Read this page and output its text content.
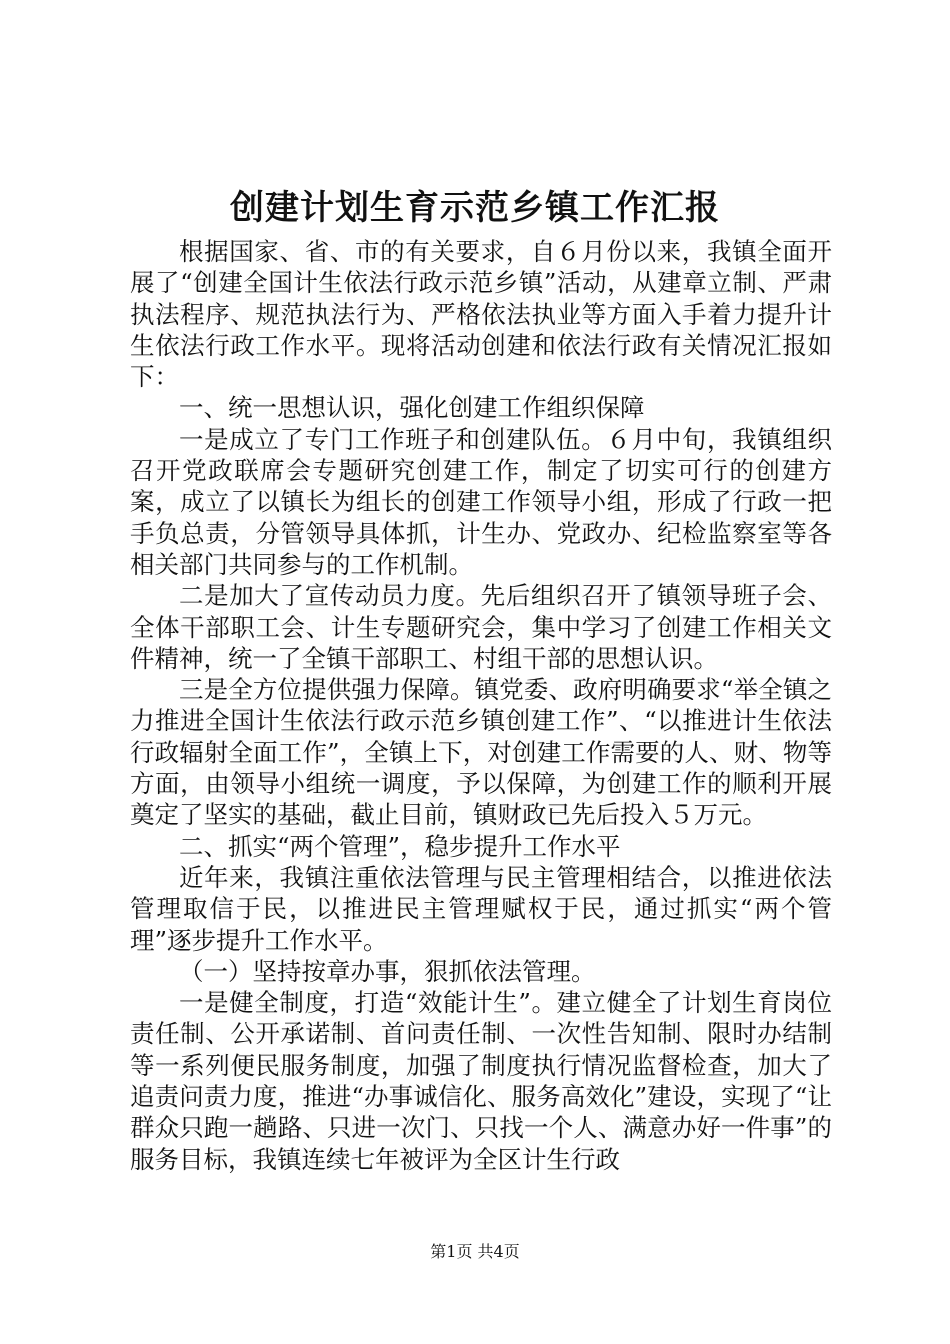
创建计划生育示范乡镇工作汇报

根据国家、省、市的有关要求，自６月份以来，我镇全面开展了“创建全国计生依法行政示范乡镇”活动，从建章立制、严肃执法程序、规范执法行为、严格依法执业等方面入手着力提升计生依法行政工作水平。现将活动创建和依法行政有关情况汇报如下：

一、统一思想认识，强化创建工作组织保障

一是成立了专门工作班子和创建队伍。６月中旬，我镇组织召开党政联席会专题研究创建工作，制定了切实可行的创建方案，成立了以镇长为组长的创建工作领导小组，形成了行政一把手负总责，分管领导具体抓，计生办、党政办、纪检监察室等各相关部门共同参与的工作机制。

二是加大了宣传动员力度。先后组织召开了镇领导班子会、全体干部职工会、计生专题研究会，集中学习了创建工作相关文件精神，统一了全镇干部职工、村组干部的思想认识。

三是全方位提供强力保障。镇党委、政府明确要求“举全镇之力推进全国计生依法行政示范乡镇创建工作”、“以推进计生依法行政辐射全面工作”，全镇上下，对创建工作需要的人、财、物等方面，由领导小组统一调度，予以保障，为创建工作的顺利开展奠定了坚实的基础，截止目前，镇财政已先后投入５万元。

二、抓实“两个管理”，稳步提升工作水平

近年来，我镇注重依法管理与民主管理相结合，以推进依法管理取信于民，以推进民主管理赋权于民，通过抓实“两个管理”逐步提升工作水平。

（一）坚持按章办事，狠抓依法管理。

一是健全制度，打造“效能计生”。建立健全了计划生育岗位责任制、公开承诺制、首问责任制、一次性告知制、限时办结制等一系列便民服务制度，加强了制度执行情况监督检查，加大了追责问责力度，推进“办事诚信化、服务高效化”建设，实现了“让群众只跑一趟路、只进一次门、只找一个人、满意办好一件事”的服务目标，我镇连续七年被评为全区计生行政

第1页 共4页
